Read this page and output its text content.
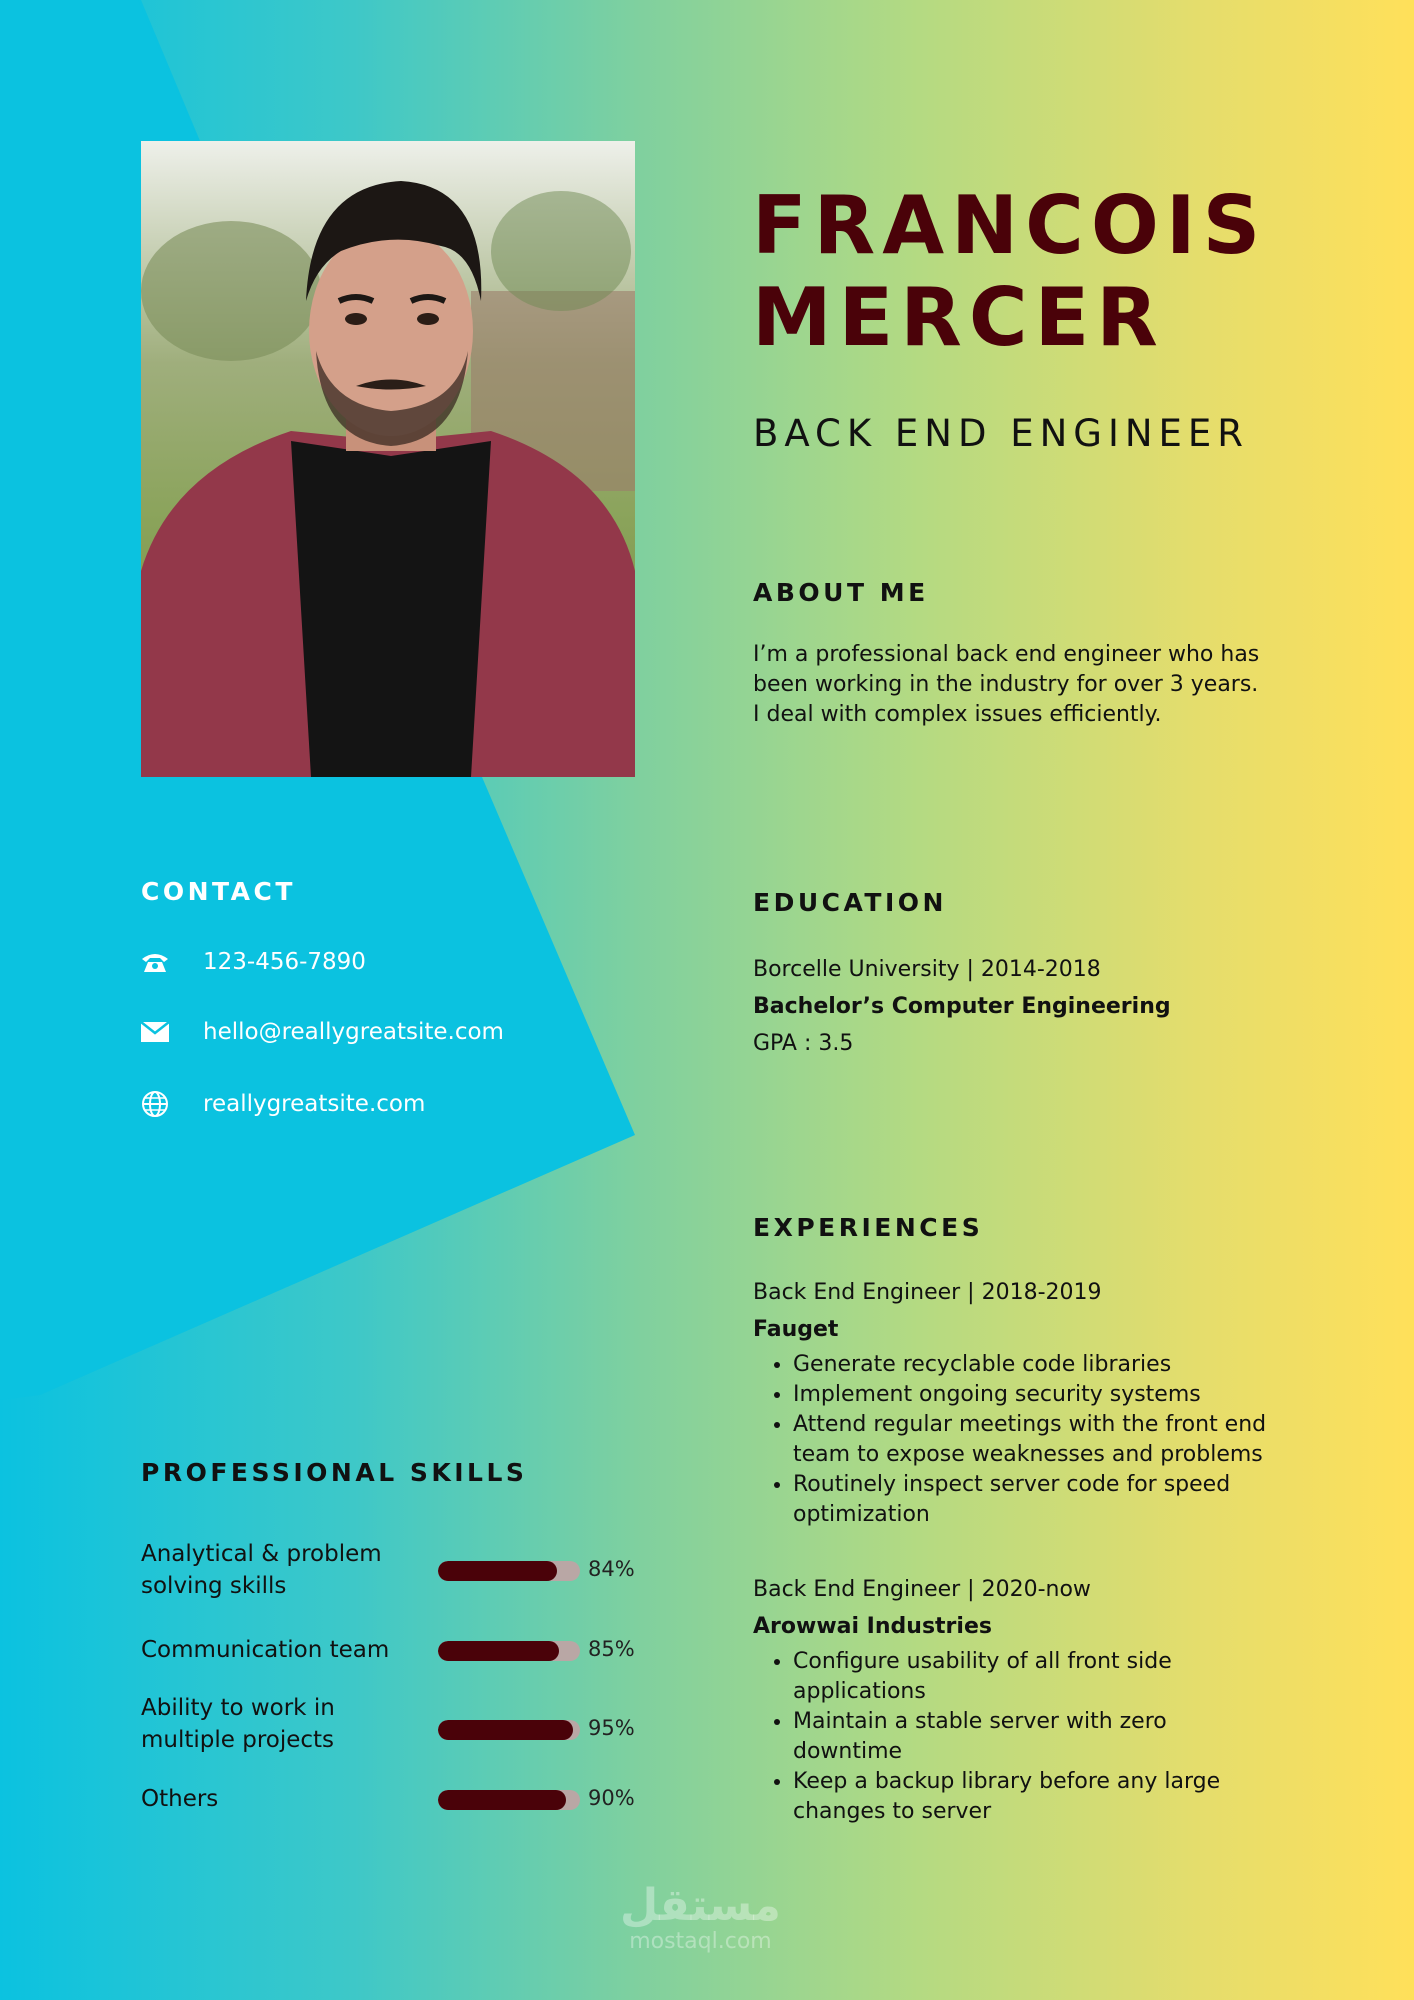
FRANCOIS
MERCER
BACK END ENGINEER
ABOUT ME
I’m a professional back end engineer who has
been working in the industry for over 3 years.
I deal with complex issues efficiently.
CONTACT
123-456-7890
hello@reallygreatsite.com
reallygreatsite.com
EDUCATION
Borcelle University | 2014-2018
Bachelor’s Computer Engineering
GPA : 3.5
EXPERIENCES
Back End Engineer | 2018-2019
Fauget
• Generate recyclable code libraries
• Implement ongoing security systems
• Attend regular meetings with the front end
team to expose weaknesses and problems
• Routinely inspect server code for speed
optimization
Back End Engineer | 2020-now
Arowwai Industries
• Configure usability of all front side
applications
• Maintain a stable server with zero
downtime
• Keep a backup library before any large
changes to server
PROFESSIONAL SKILLS
Analytical & problem
solving skills
84%
Communication team	85%
Ability to work in
multiple projects	95%
Others	90%
مستقل
mostaql.com
